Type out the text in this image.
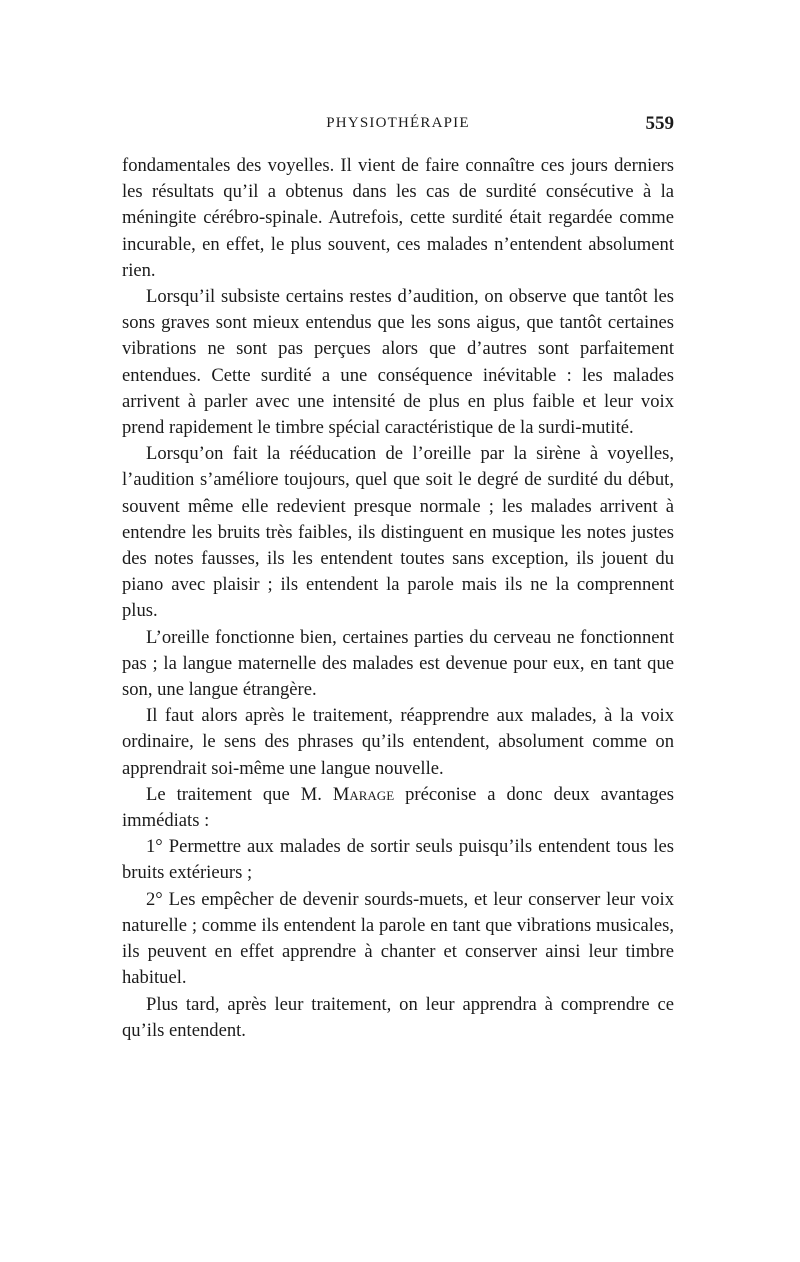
PHYSIOTHÉRAPIE	559

fondamentales des voyelles. Il vient de faire connaître ces jours derniers les résultats qu’il a obtenus dans les cas de surdité consécutive à la méningite cérébro-spinale. Autrefois, cette surdité était regardée comme incurable, en effet, le plus souvent, ces malades n’entendent absolument rien.

Lorsqu’il subsiste certains restes d’audition, on observe que tantôt les sons graves sont mieux entendus que les sons aigus, que tantôt certaines vibrations ne sont pas perçues alors que d’autres sont parfaitement entendues. Cette surdité a une conséquence inévitable : les malades arrivent à parler avec une intensité de plus en plus faible et leur voix prend rapidement le timbre spécial caractéristique de la surdi-mutité.

Lorsqu’on fait la rééducation de l’oreille par la sirène à voyelles, l’audition s’améliore toujours, quel que soit le degré de surdité du début, souvent même elle redevient presque normale ; les malades arrivent à entendre les bruits très faibles, ils distinguent en musique les notes justes des notes fausses, ils les entendent toutes sans exception, ils jouent du piano avec plaisir ; ils entendent la parole mais ils ne la comprennent plus.

L’oreille fonctionne bien, certaines parties du cerveau ne fonctionnent pas ; la langue maternelle des malades est devenue pour eux, en tant que son, une langue étrangère.

Il faut alors après le traitement, réapprendre aux malades, à la voix ordinaire, le sens des phrases qu’ils entendent, absolument comme on apprendrait soi-même une langue nouvelle.

Le traitement que M. Marage préconise a donc deux avantages immédiats :

1° Permettre aux malades de sortir seuls puisqu’ils entendent tous les bruits extérieurs ;

2° Les empêcher de devenir sourds-muets, et leur conserver leur voix naturelle ; comme ils entendent la parole en tant que vibrations musicales, ils peuvent en effet apprendre à chanter et conserver ainsi leur timbre habituel.

Plus tard, après leur traitement, on leur apprendra à comprendre ce qu’ils entendent.
